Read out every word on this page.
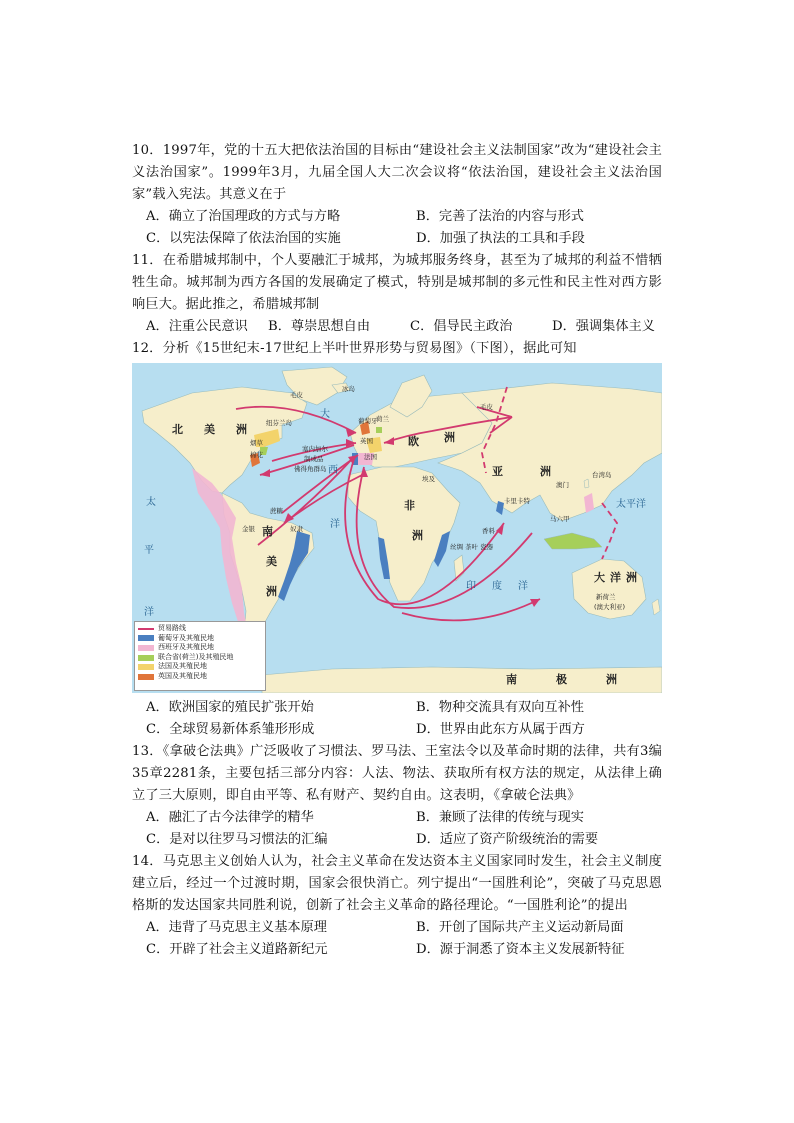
10．1997年，党的十五大把依法治国的目标由“建设社会主义法制国家”改为“建设社会主义法治国家”。1999年3月，九届全国人大二次会议将“依法治国，建设社会主义法治国家”载入宪法。其意义在于

A．确立了治国理政的方式与方略	B．完善了法治的内容与形式
C．以宪法保障了依法治国的实施	D．加强了执法的工具和手段

11．在希腊城邦制中，个人要融汇于城邦，为城邦服务终身，甚至为了城邦的利益不惜牺牲生命。城邦制为西方各国的发展确定了模式，特别是城邦制的多元性和民主性对西方影响巨大。据此推之，希腊城邦制

A．注重公民意识	B．尊崇思想自由	C．倡导民主政治	D．强调集体主义

12．分析《15世纪末-17世纪上半叶世界形势与贸易图》（下图），据此可知

北 美 洲
南
美
洲
欧 洲
亚	洲
非
洲
大 洋 洲
南	极	洲
大
西
洋
太
平
洋
太平洋
印 度 洋
冰岛
毛皮
毛皮
纽芬兰岛
烟草
棉花
金银
蔗糖
奴隶
制成品
塞内加尔
埃及
佛得角群岛
台湾岛
澳门
卡里卡特
香料
丝绸 茶叶 瓷器
马六甲
新荷兰
(澳大利亚)
葡萄牙
英国
荷兰
法国
贸易路线
葡萄牙及其殖民地
西班牙及其殖民地
联合省(荷兰)及其殖民地
法国及其殖民地
英国及其殖民地
A．欧洲国家的殖民扩张开始	B．物种交流具有双向互补性
C．全球贸易新体系雏形形成	D．世界由此东方从属于西方

13．《拿破仑法典》广泛吸收了习惯法、罗马法、王室法令以及革命时期的法律，共有3编35章2281条，主要包括三部分内容：人法、物法、获取所有权方法的规定，从法律上确立了三大原则，即自由平等、私有财产、契约自由。这表明，《拿破仑法典》

A．融汇了古今法律学的精华	B．兼顾了法律的传统与现实
C．是对以往罗马习惯法的汇编	D．适应了资产阶级统治的需要

14．马克思主义创始人认为，社会主义革命在发达资本主义国家同时发生，社会主义制度建立后，经过一个过渡时期，国家会很快消亡。列宁提出“一国胜利论”，突破了马克思恩格斯的发达国家共同胜利说，创新了社会主义革命的路径理论。“一国胜利论”的提出

A．违背了马克思主义基本原理	B．开创了国际共产主义运动新局面
C．开辟了社会主义道路新纪元	D．源于洞悉了资本主义发展新特征
